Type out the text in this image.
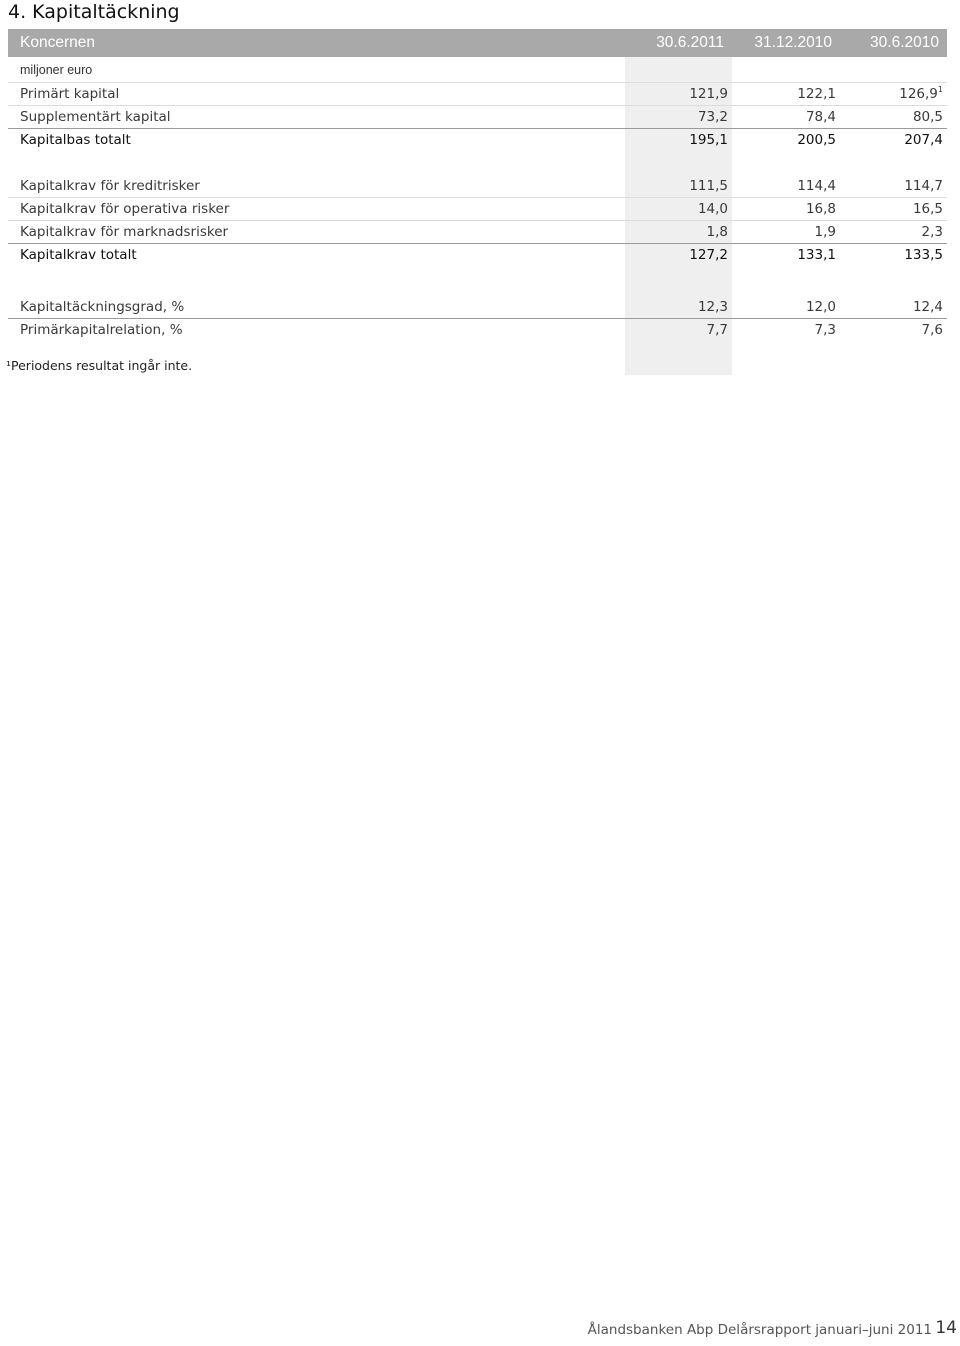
4. Kapitaltäckning
Koncernen	30.6.2011	31.12.2010	30.6.2010
miljoner euro			
Primärt kapital	121,9	122,1	126,9$^1$
Supplementärt kapital	73,2	78,4	80,5
Kapitalbas totalt	195,1	200,5	207,4

Kapitalkrav för kreditrisker	111,5	114,4	114,7
Kapitalkrav för operativa risker	14,0	16,8	16,5
Kapitalkrav för marknadsrisker	1,8	1,9	2,3
Kapitalkrav totalt	127,2	133,1	133,5

Kapitaltäckningsgrad, %	12,3	12,0	12,4
Primärkapitalrelation, %	7,7	7,3	7,6
¹Periodens resultat ingår inte.
Ålandsbanken Abp Delårsrapport januari–juni 2011 14
